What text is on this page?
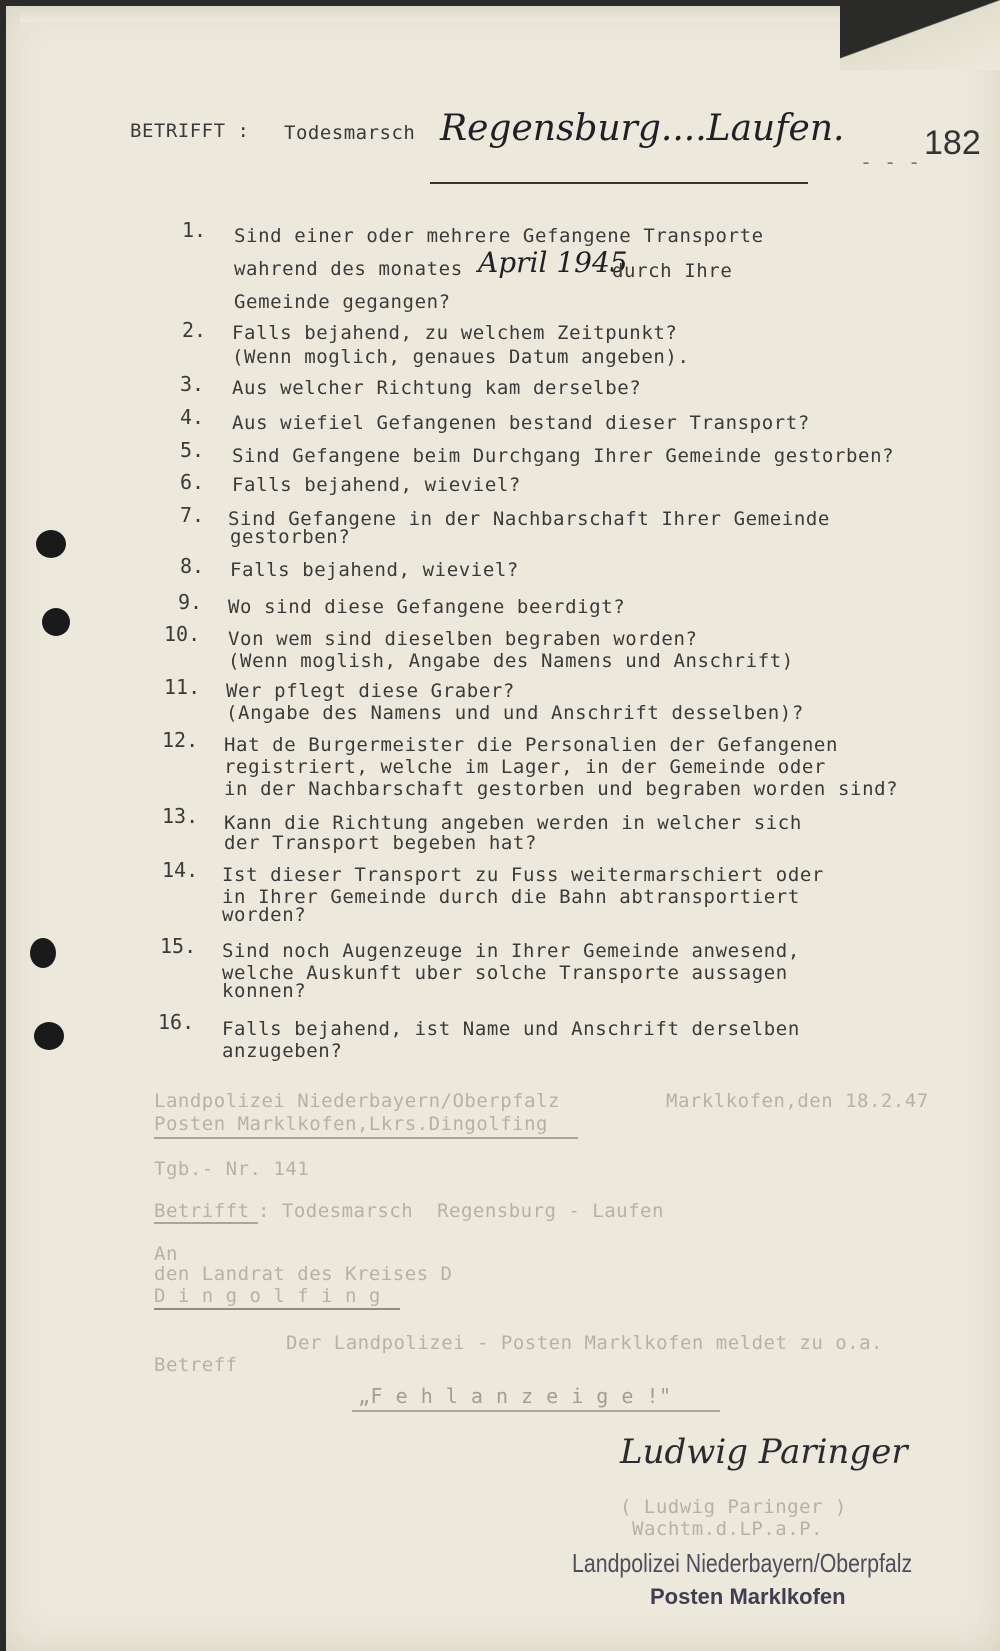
BETRIFFT : Todesmarsch Regensburg....Laufen.
- - - 182
1. Sind einer oder mehrere Gefangene Transporte
wahrend des monates April 1945
durch Ihre
Gemeinde gegangen?
2. Falls bejahend, zu welchem Zeitpunkt?
(Wenn moglich, genaues Datum angeben).
3. Aus welcher Richtung kam derselbe?
4. Aus wiefiel Gefangenen bestand dieser Transport?
5. Sind Gefangene beim Durchgang Ihrer Gemeinde gestorben?
6. Falls bejahend, wieviel?
7. Sind Gefangene in der Nachbarschaft Ihrer Gemeinde
gestorben?
8. Falls bejahend, wieviel?
9. Wo sind diese Gefangene beerdigt?
10. Von wem sind dieselben begraben worden?
(Wenn moglish, Angabe des Namens und Anschrift)
11. Wer pflegt diese Graber?
(Angabe des Namens und und Anschrift desselben)?
12. Hat de Burgermeister die Personalien der Gefangenen
registriert, welche im Lager, in der Gemeinde oder
in der Nachbarschaft gestorben und begraben worden sind?
13. Kann die Richtung angeben werden in welcher sich
der Transport begeben hat?
14. Ist dieser Transport zu Fuss weitermarschiert oder
in Ihrer Gemeinde durch die Bahn abtransportiert
worden?
15. Sind noch Augenzeuge in Ihrer Gemeinde anwesend,
welche Auskunft uber solche Transporte aussagen
konnen?
16. Falls bejahend, ist Name und Anschrift derselben
anzugeben?
Landpolizei Niederbayern/Oberpfalz	Marklkofen,den 18.2.47
Posten Marklkofen,Lkrs.Dingolfing
Tgb.- Nr. 141
Betrifft : Todesmarsch  Regensburg - Laufen
An
den Landrat des Kreises D
D i n g o l f i n g
Der Landpolizei - Posten Marklkofen meldet zu o.a.
Betreff
„F e h l a n z e i g e !"
Ludwig Paringer
( Ludwig Paringer )
Wachtm.d.LP.a.P.
Landpolizei Niederbayern/Oberpfalz
Posten Marklkofen
